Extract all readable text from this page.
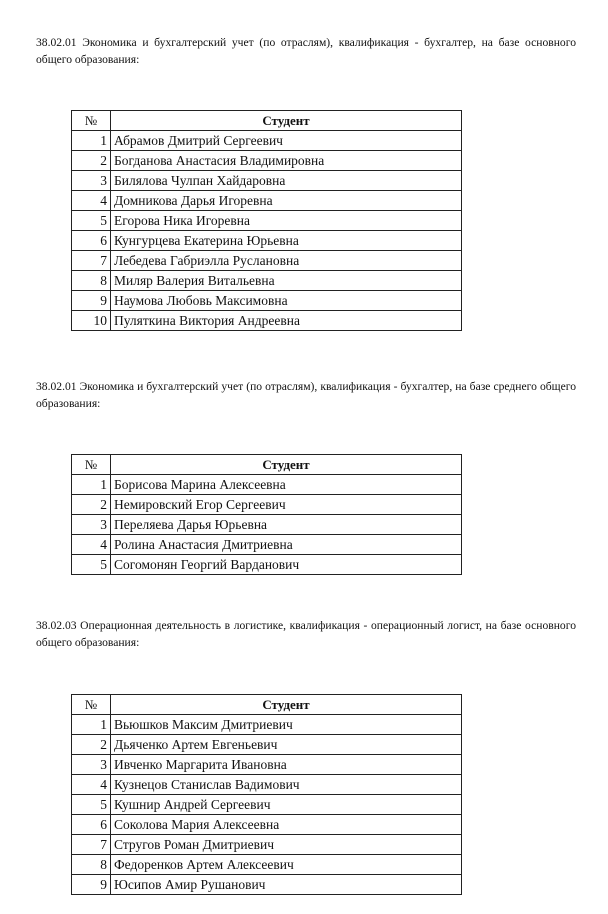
38.02.01 Экономика и бухгалтерский учет (по отраслям), квалификация - бухгалтер, на базе основного общего образования:

№	Студент
1	Абрамов Дмитрий Сергеевич
2	Богданова Анастасия Владимировна
3	Билялова Чулпан Хайдаровна
4	Домникова Дарья Игоревна
5	Егорова Ника Игоревна
6	Кунгурцева Екатерина Юрьевна
7	Лебедева Габриэлла Руслановна
8	Миляр Валерия Витальевна
9	Наумова Любовь Максимовна
10	Пуляткина Виктория Андреевна

38.02.01 Экономика и бухгалтерский учет (по отраслям), квалификация - бухгалтер, на базе среднего общего образования:

№	Студент
1	Борисова Марина Алексеевна
2	Немировский Егор Сергеевич
3	Переляева Дарья Юрьевна
4	Ролина Анастасия Дмитриевна
5	Согомонян Георгий Варданович

38.02.03 Операционная деятельность в логистике, квалификация - операционный логист, на базе основного общего образования:

№	Студент
1	Вьюшков Максим Дмитриевич
2	Дьяченко Артем Евгеньевич
3	Ивченко Маргарита Ивановна
4	Кузнецов Станислав Вадимович
5	Кушнир Андрей Сергеевич
6	Соколова Мария Алексеевна
7	Стругов Роман Дмитриевич
8	Федоренков Артем Алексеевич
9	Юсипов Амир Рушанович
